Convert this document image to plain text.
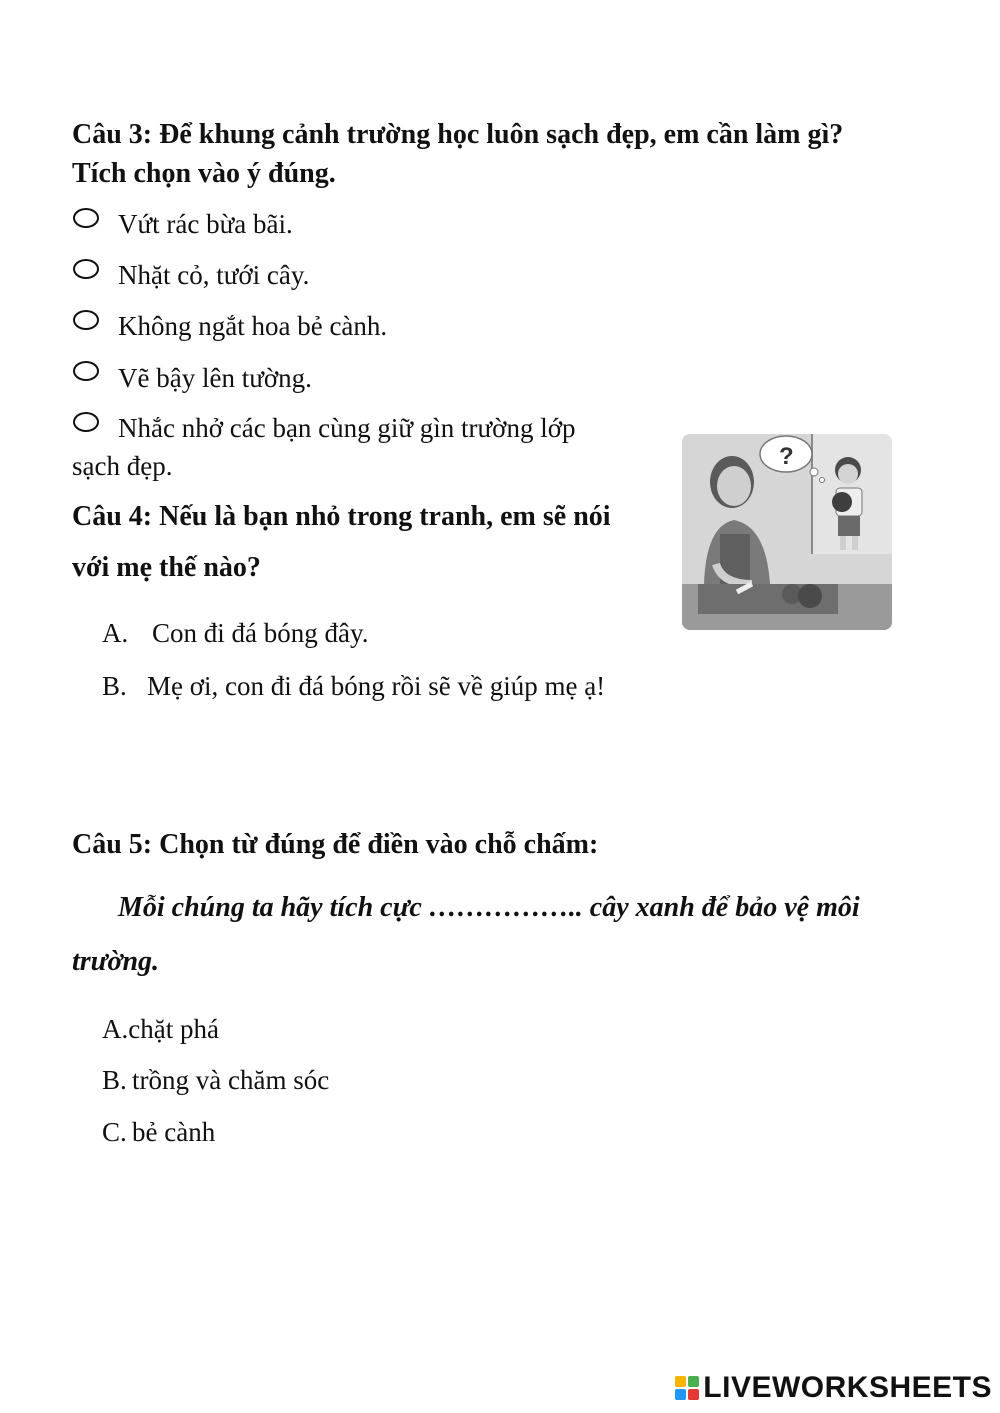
Câu 3: Để khung cảnh trường học luôn sạch đẹp, em cần làm gì?
Tích chọn vào ý đúng.
Vứt rác bừa bãi.
Nhặt cỏ, tưới cây.
Không ngắt hoa bẻ cành.
Vẽ bậy lên tường.
Nhắc nhở các bạn cùng giữ gìn trường lớp
sạch đẹp.
Câu 4: Nếu là bạn nhỏ trong tranh, em sẽ nói
với mẹ thế nào?
A. Con đi đá bóng đây.
B. Mẹ ơi, con đi đá bóng rồi sẽ về giúp mẹ ạ!
?
Câu 5: Chọn từ đúng để điền vào chỗ chấm:
Mỗi chúng ta hãy tích cực …………….. cây xanh để bảo vệ môi
trường.
A.chặt phá
B. trồng và chăm sóc
C. bẻ cành
LIVEWORKSHEETS
